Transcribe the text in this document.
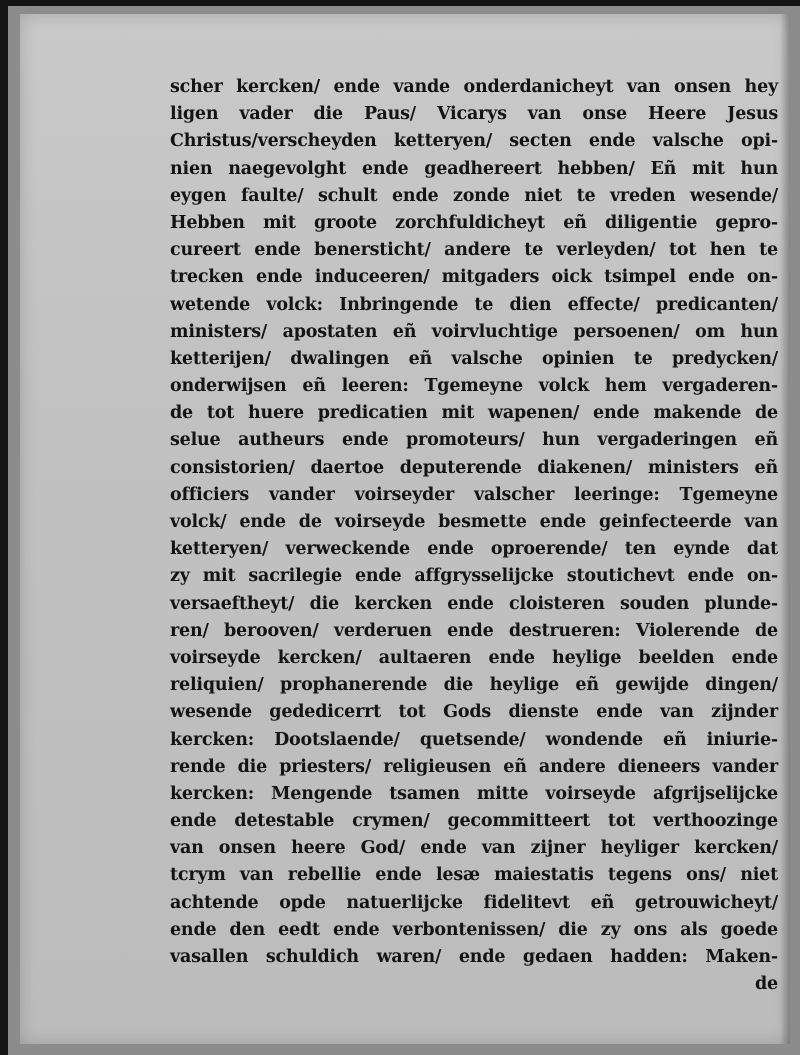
scher kercken/ ende vande onderdanicheyt van onsen hey
ligen vader die Paus/ Vicarys van onse Heere Jesus
Christus/verscheyden ketteryen/ secten ende valsche opi-
nien naegevolght ende geadhereert hebben/ Eñ mit hun
eygen faulte/ schult ende zonde niet te vreden wesende/
Hebben mit groote zorchfuldicheyt eñ diligentie gepro-
cureert ende benersticht/ andere te verleyden/ tot hen te
trecken ende induceeren/ mitgaders oick tsimpel ende on-
wetende volck: Inbringende te dien effecte/ predicanten/
ministers/ apostaten eñ voirvluchtige persoenen/ om hun
ketterijen/ dwalingen eñ valsche opinien te predycken/
onderwijsen eñ leeren: Tgemeyne volck hem vergaderen-
de tot huere predicatien mit wapenen/ ende makende de
selue autheurs ende promoteurs/ hun vergaderingen eñ
consistorien/ daertoe deputerende diakenen/ ministers eñ
officiers vander voirseyder valscher leeringe: Tgemeyne
volck/ ende de voirseyde besmette ende geinfecteerde van
ketteryen/ verweckende ende oproerende/ ten eynde dat
zy mit sacrilegie ende affgrysselijcke stoutichevt ende on-
versaeftheyt/ die kercken ende cloisteren souden plunde-
ren/ berooven/ verderuen ende destrueren: Violerende de
voirseyde kercken/ aultaeren ende heylige beelden ende
reliquien/ prophanerende die heylige eñ gewijde dingen/
wesende gededicerrt tot Gods dienste ende van zijnder
kercken: Dootslaende/ quetsende/ wondende eñ iniurie-
rende die priesters/ religieusen eñ andere dieneers vander
kercken: Mengende tsamen mitte voirseyde afgrijselijcke
ende detestable crymen/ gecommitteert tot verthoozinge
van onsen heere God/ ende van zijner heyliger kercken/
tcrym van rebellie ende lesæ maiestatis tegens ons/ niet
achtende opde natuerlijcke fidelitevt eñ getrouwicheyt/
ende den eedt ende verbontenissen/ die zy ons als goede
vasallen schuldich waren/ ende gedaen hadden: Maken-
de
